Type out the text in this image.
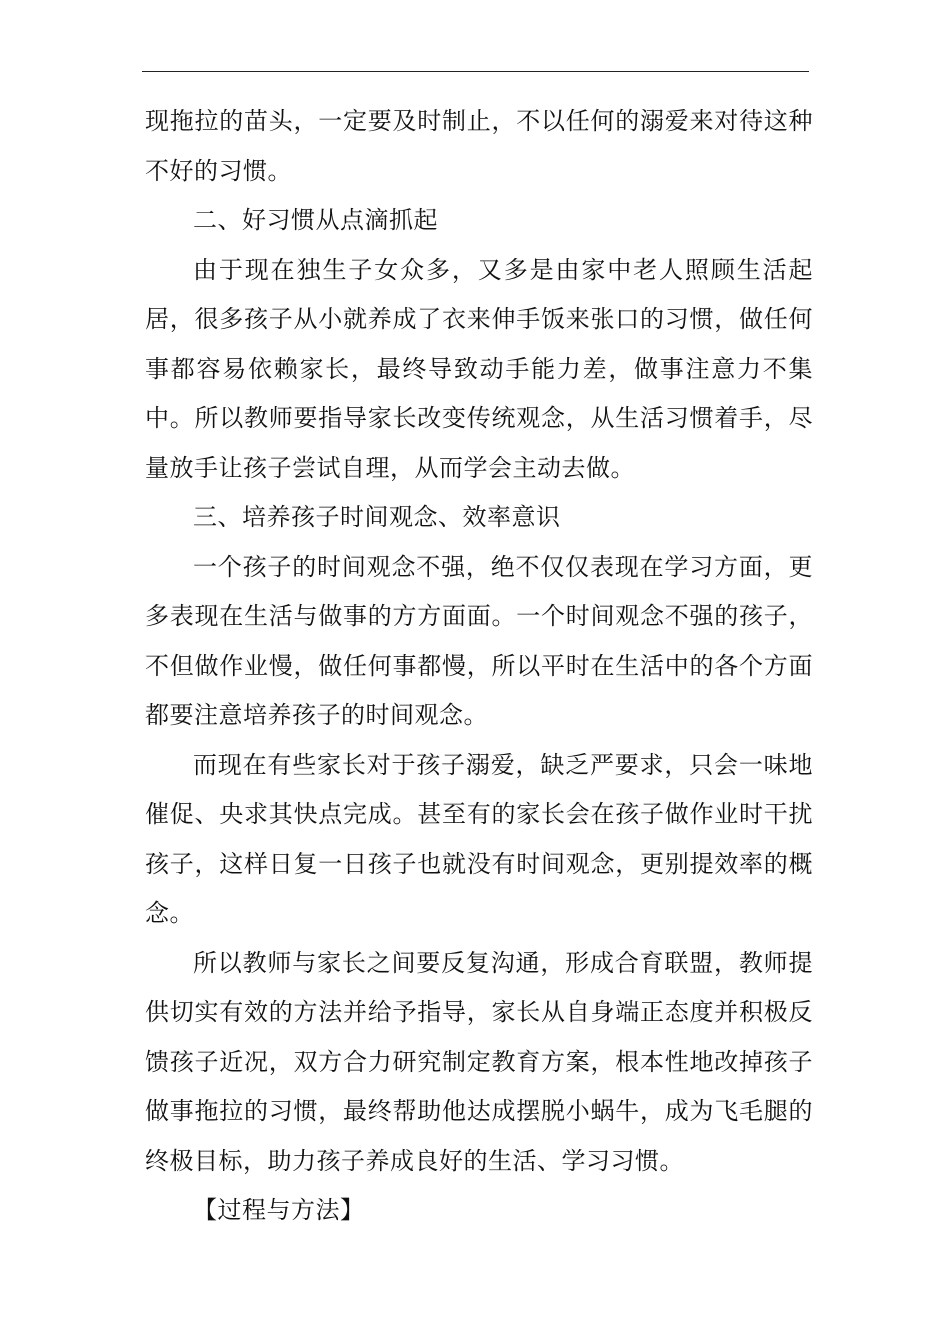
现拖拉的苗头，一定要及时制止，不以任何的溺爱来对待这种不好的习惯。

二、好习惯从点滴抓起

由于现在独生子女众多，又多是由家中老人照顾生活起居，很多孩子从小就养成了衣来伸手饭来张口的习惯，做任何事都容易依赖家长，最终导致动手能力差，做事注意力不集中。所以教师要指导家长改变传统观念，从生活习惯着手，尽量放手让孩子尝试自理，从而学会主动去做。

三、培养孩子时间观念、效率意识

一个孩子的时间观念不强，绝不仅仅表现在学习方面，更多表现在生活与做事的方方面面。一个时间观念不强的孩子，不但做作业慢，做任何事都慢，所以平时在生活中的各个方面都要注意培养孩子的时间观念。

而现在有些家长对于孩子溺爱，缺乏严要求，只会一味地催促、央求其快点完成。甚至有的家长会在孩子做作业时干扰孩子，这样日复一日孩子也就没有时间观念，更别提效率的概念。

所以教师与家长之间要反复沟通，形成合育联盟，教师提供切实有效的方法并给予指导，家长从自身端正态度并积极反馈孩子近况，双方合力研究制定教育方案，根本性地改掉孩子做事拖拉的习惯，最终帮助他达成摆脱小蜗牛，成为飞毛腿的终极目标，助力孩子养成良好的生活、学习习惯。

【过程与方法】
